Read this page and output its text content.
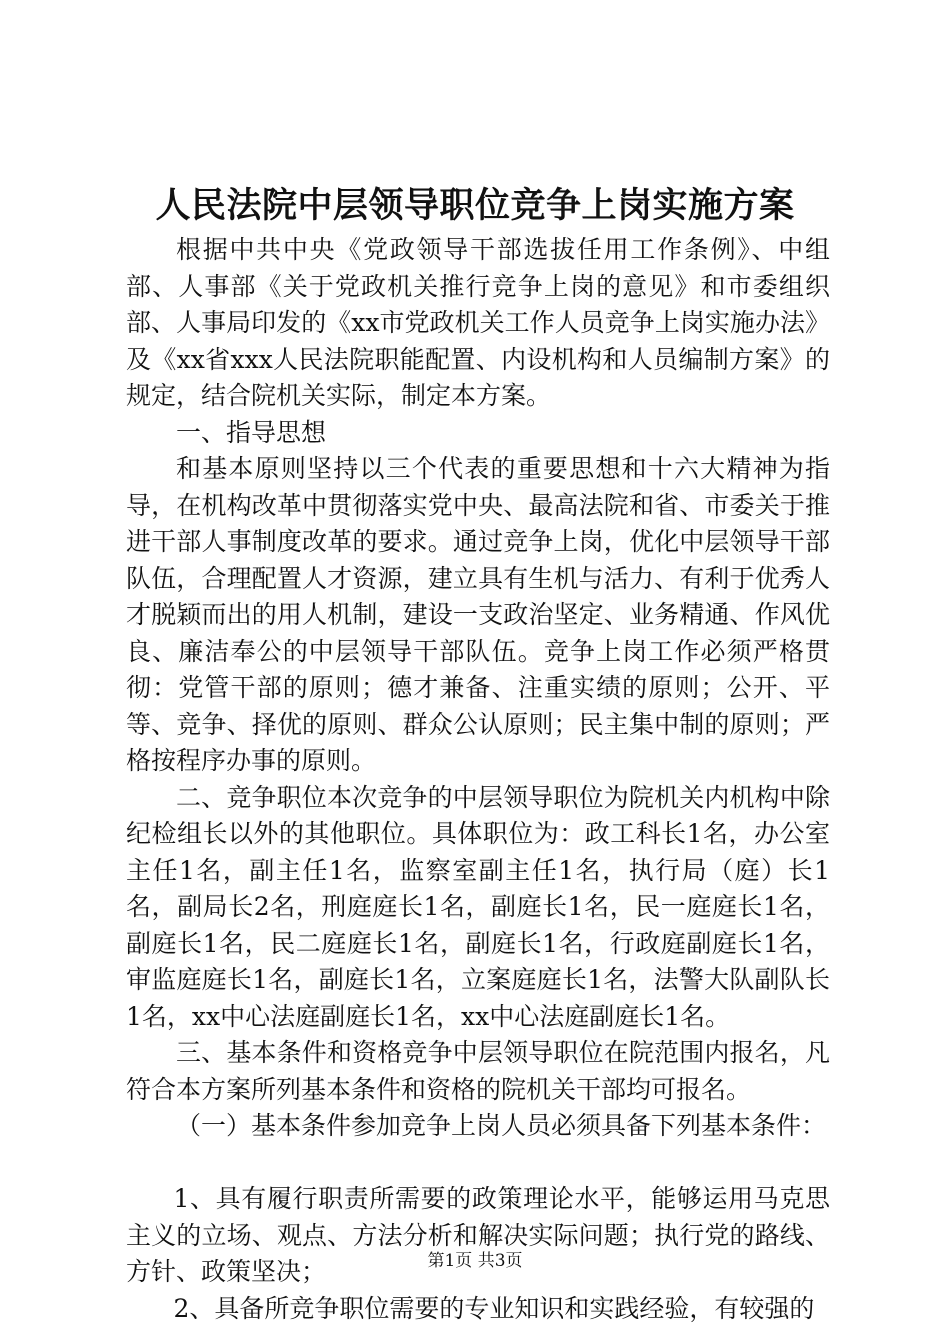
人民法院中层领导职位竞争上岗实施方案

根据中共中央《党政领导干部选拔任用工作条例》、中组部、人事部《关于党政机关推行竞争上岗的意见》和市委组织部、人事局印发的《xx市党政机关工作人员竞争上岗实施办法》及《xx省xxx人民法院职能配置、内设机构和人员编制方案》的规定，结合院机关实际，制定本方案。

一、指导思想

和基本原则坚持以三个代表的重要思想和十六大精神为指导，在机构改革中贯彻落实党中央、最高法院和省、市委关于推进干部人事制度改革的要求。通过竞争上岗，优化中层领导干部队伍，合理配置人才资源，建立具有生机与活力、有利于优秀人才脱颖而出的用人机制，建设一支政治坚定、业务精通、作风优良、廉洁奉公的中层领导干部队伍。竞争上岗工作必须严格贯彻：党管干部的原则；德才兼备、注重实绩的原则；公开、平等、竞争、择优的原则、群众公认原则；民主集中制的原则；严格按程序办事的原则。

二、竞争职位本次竞争的中层领导职位为院机关内机构中除纪检组长以外的其他职位。具体职位为：政工科长1名，办公室主任1名，副主任1名，监察室副主任1名，执行局（庭）长1名，副局长2名，刑庭庭长1名，副庭长1名，民一庭庭长1名，副庭长1名，民二庭庭长1名，副庭长1名，行政庭副庭长1名，审监庭庭长1名，副庭长1名，立案庭庭长1名，法警大队副队长1名，xx中心法庭副庭长1名，xx中心法庭副庭长1名。

三、基本条件和资格竞争中层领导职位在院范围内报名，凡符合本方案所列基本条件和资格的院机关干部均可报名。

（一）基本条件参加竞争上岗人员必须具备下列基本条件：

1、具有履行职责所需要的政策理论水平，能够运用马克思主义的立场、观点、方法分析和解决实际问题；执行党的路线、方针、政策坚决；

2、具备所竞争职位需要的专业知识和实践经验，有较强的

第1页 共3页
